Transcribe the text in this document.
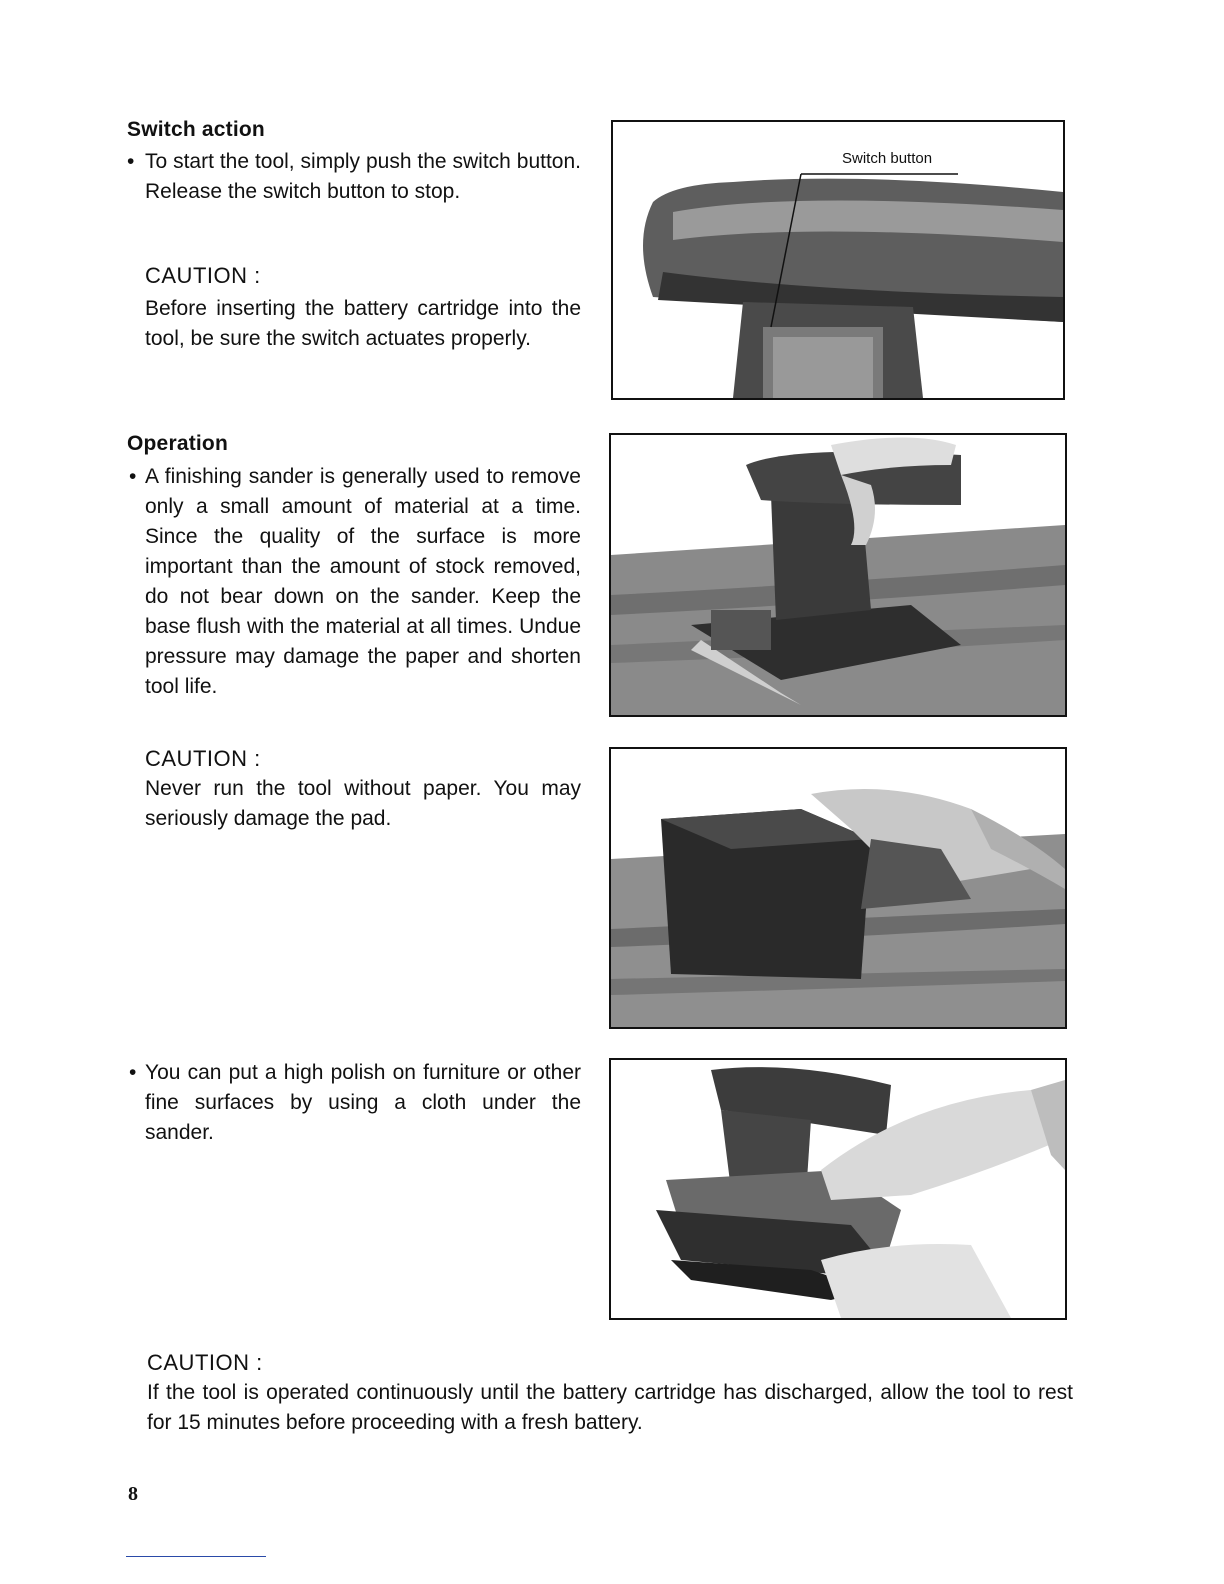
Switch action
• To start the tool, simply push the switch button. Release the switch button to stop.

CAUTION :

Before inserting the battery cartridge into the tool, be sure the switch actuates properly.

Switch button
Operation
• A finishing sander is generally used to remove only a small amount of material at a time. Since the quality of the surface is more important than the amount of stock removed, do not bear down on the sander. Keep the base flush with the material at all times. Undue pressure may damage the paper and shorten tool life.

CAUTION :

Never run the tool without paper. You may seriously damage the pad.

• You can put a high polish on furniture or other fine surfaces by using a cloth under the sander.

CAUTION :

If the tool is operated continuously until the battery cartridge has discharged, allow the tool to rest for 15 minutes before proceeding with a fresh battery.

8
